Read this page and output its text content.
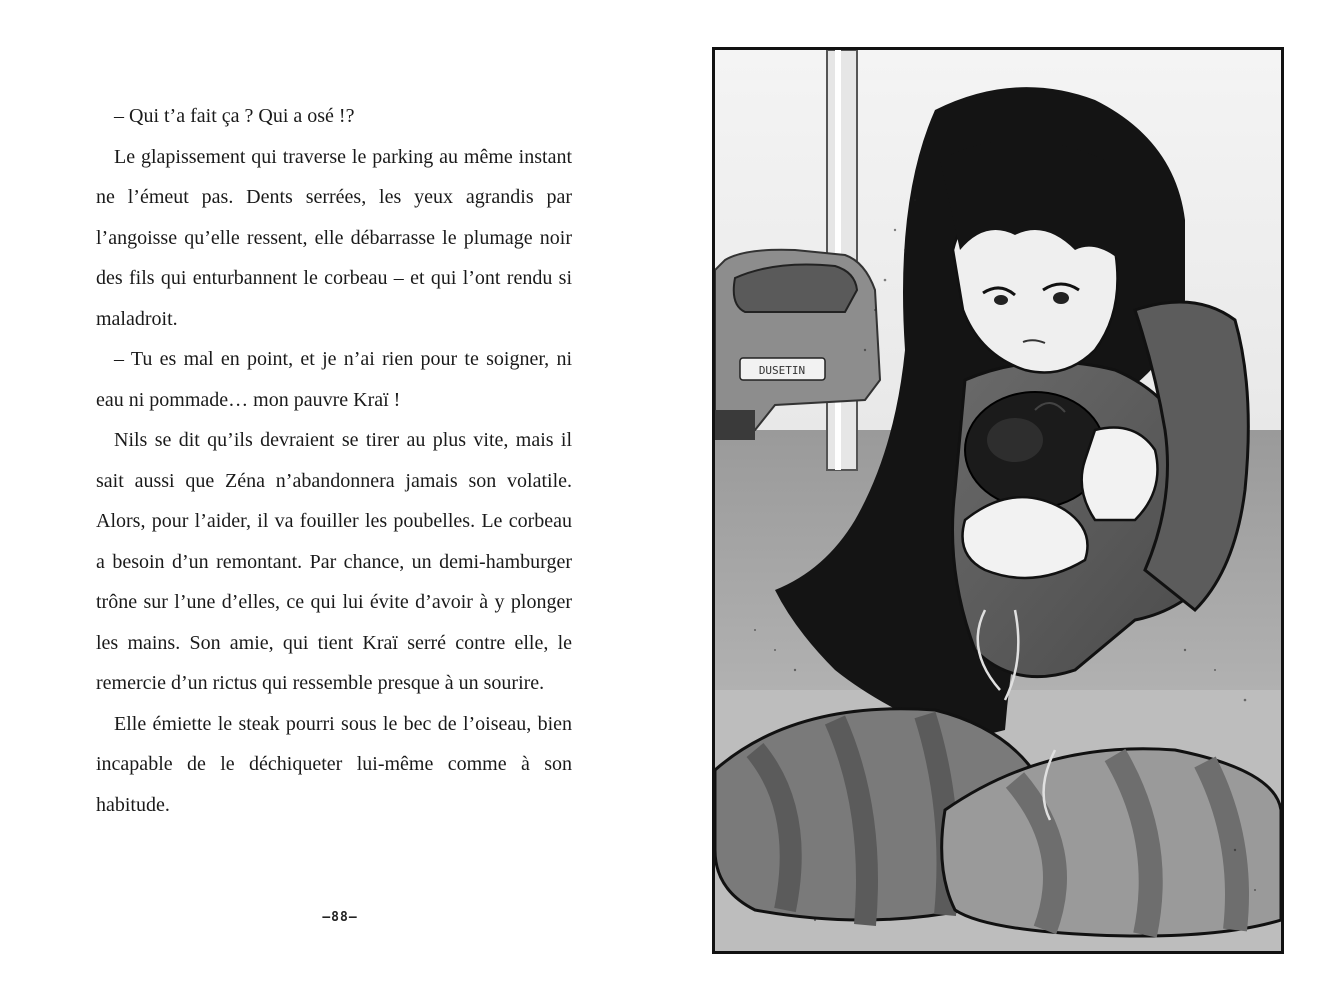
– Qui t’a fait ça ? Qui a osé !?

Le glapissement qui traverse le parking au même instant ne l’émeut pas. Dents serrées, les yeux agrandis par l’angoisse qu’elle ressent, elle débarrasse le plumage noir des fils qui enturbannent le corbeau – et qui l’ont rendu si maladroit.

– Tu es mal en point, et je n’ai rien pour te soigner, ni eau ni pommade… mon pauvre Kraï !

Nils se dit qu’ils devraient se tirer au plus vite, mais il sait aussi que Zéna n’abandonnera jamais son volatile. Alors, pour l’aider, il va fouiller les poubelles. Le corbeau a besoin d’un remontant. Par chance, un demi-hamburger trône sur l’une d’elles, ce qui lui évite d’avoir à y plonger les mains. Son amie, qui tient Kraï serré contre elle, le remercie d’un rictus qui ressemble presque à un sourire.

Elle émiette le steak pourri sous le bec de l’oiseau, bien incapable de le déchiqueter lui-même comme à son habitude.

–88–
DUSETIN
